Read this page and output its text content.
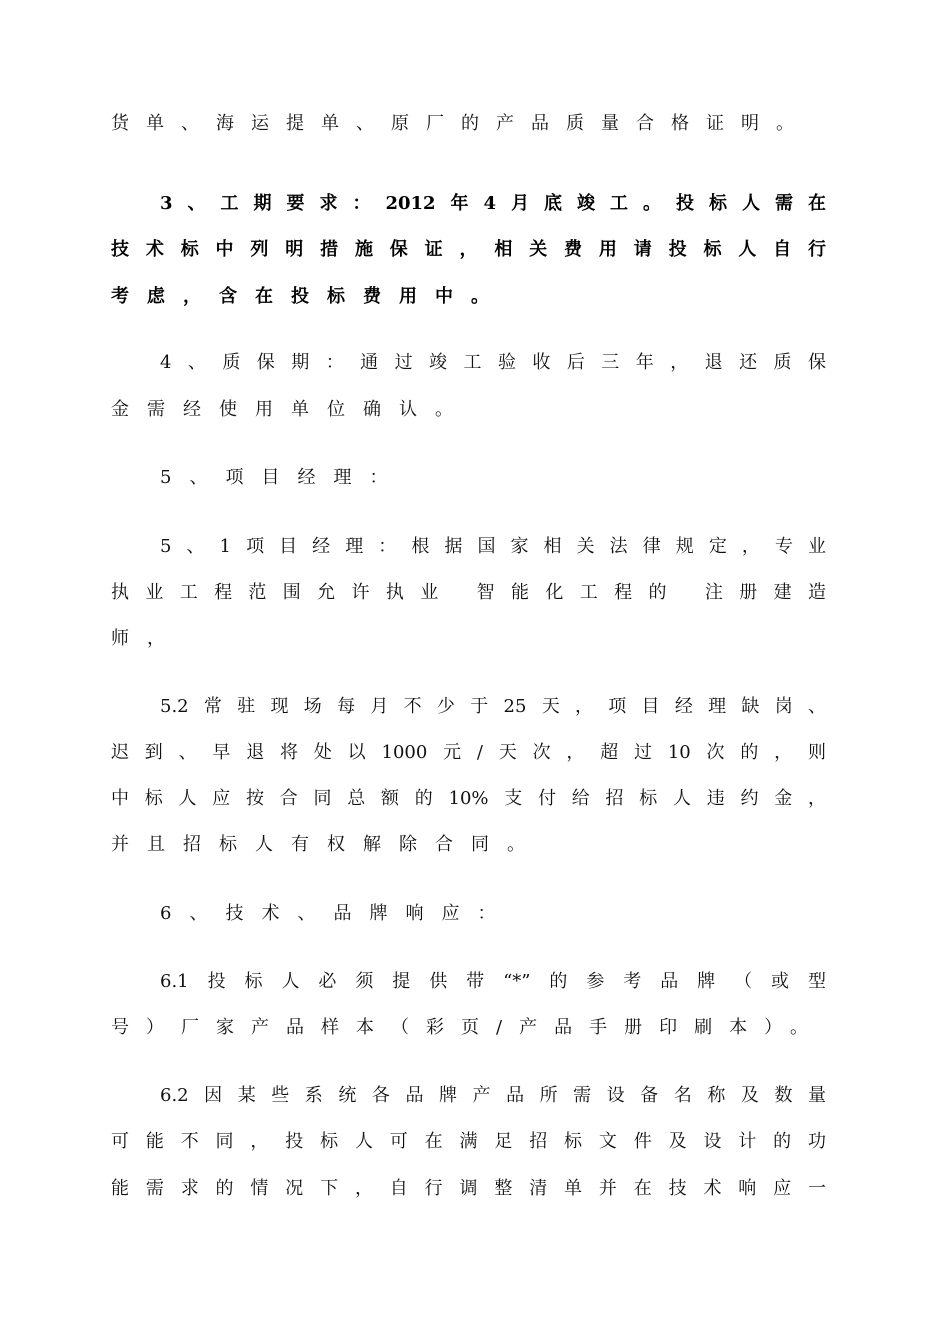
货单、海运提单、原厂的产品质量合格证明。
3、工期要求：2012年4月底竣工。投标人需在
技术标中列明措施保证，相关费用请投标人自行
考虑，含在投标费用中。
4、质保期：通过竣工验收后三年，退还质保
金需经使用单位确认。
5、项目经理：
5、1项目经理：根据国家相关法律规定，专业
执业工程范围允许执业 智能化工程的 注册建造
师，
5.2常驻现场每月不少于25天，项目经理缺岗、
迟到、早退将处以1000元/天次，超过10次的，则
中标人应按合同总额的10%支付给招标人违约金，
并且招标人有权解除合同。
6、技术、品牌响应：
6.1投标人必须提供带“*”的参考品牌（或型
号）厂家产品样本（彩页/产品手册印刷本）。
6.2因某些系统各品牌产品所需设备名称及数量
可能不同，投标人可在满足招标文件及设计的功
能需求的情况下，自行调整清单并在技术响应一
